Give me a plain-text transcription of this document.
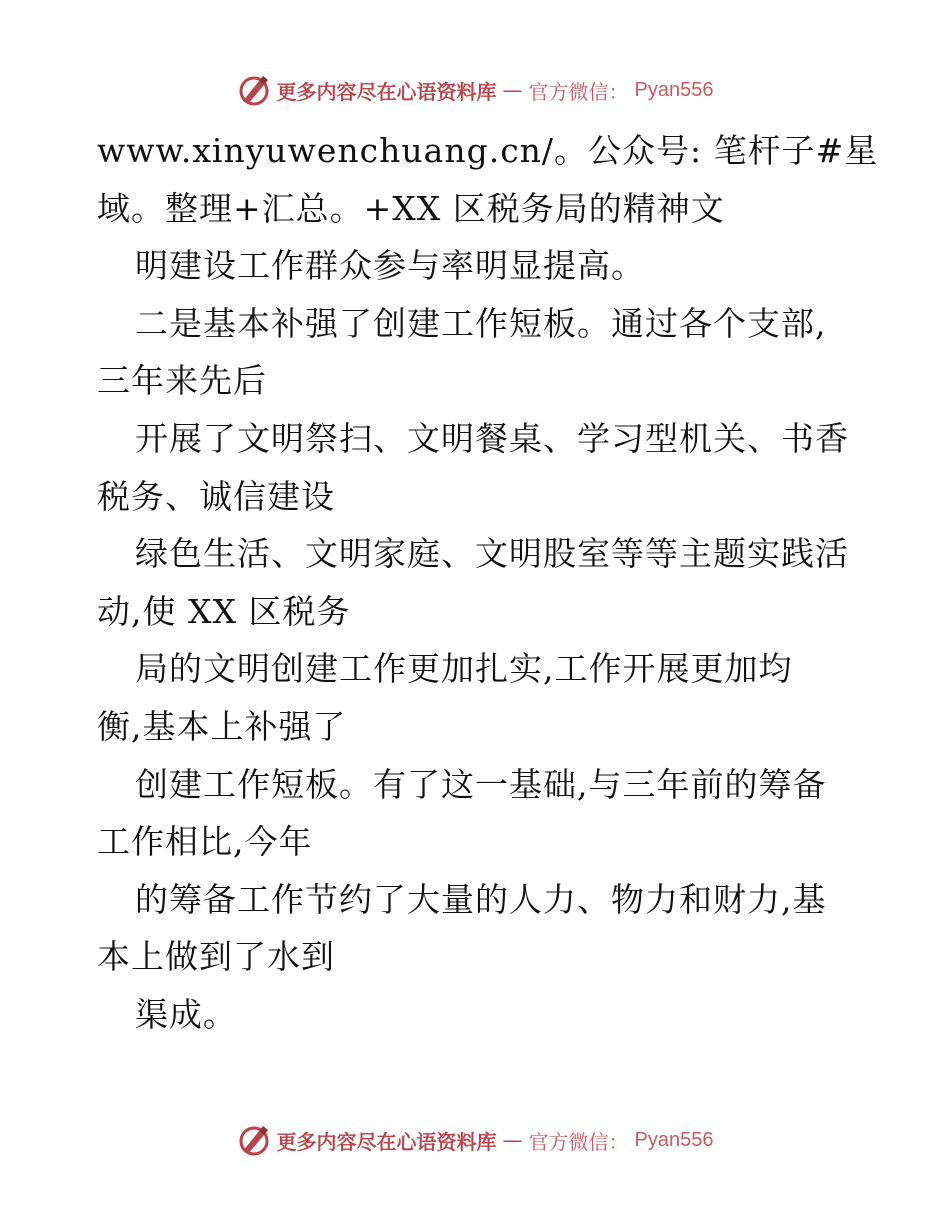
更多内容尽在心语资料库 — 官方微信： Pyan556
www.xinyuwenchuang.cn/。公众号: 笔杆子#星
域。整理+汇总。+XX 区税务局的精神文
明建设工作群众参与率明显提高。
二是基本补强了创建工作短板。通过各个支部,
三年来先后
开展了文明祭扫、文明餐桌、学习型机关、书香
税务、诚信建设
绿色生活、文明家庭、文明股室等等主题实践活
动,使 XX 区税务
局的文明创建工作更加扎实,工作开展更加均
衡,基本上补强了
创建工作短板。有了这一基础,与三年前的筹备
工作相比,今年
的筹备工作节约了大量的人力、物力和财力,基
本上做到了水到
渠成。
更多内容尽在心语资料库 — 官方微信： Pyan556
